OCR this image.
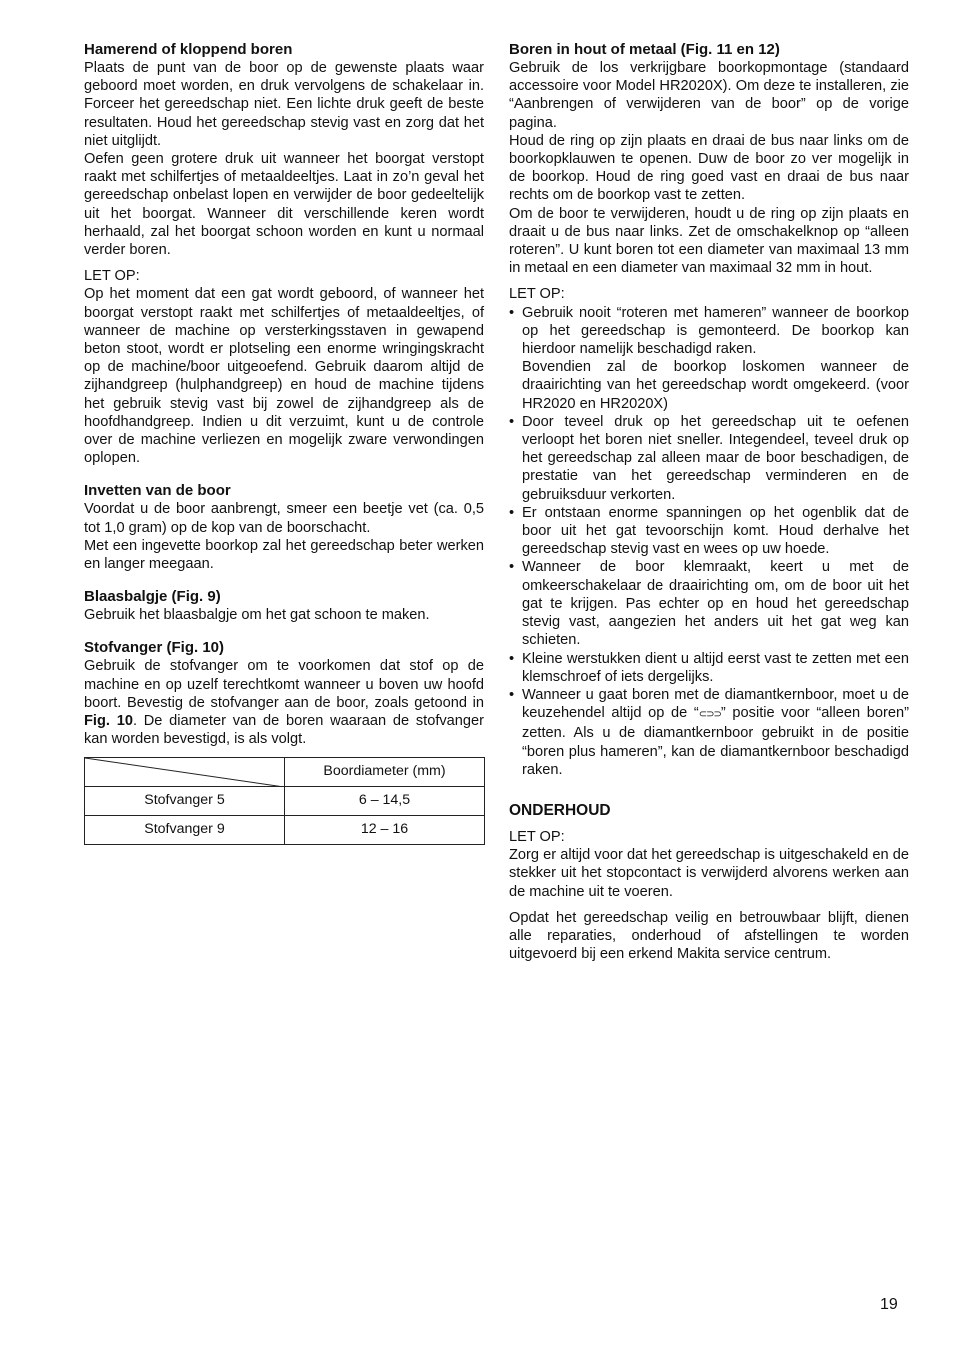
Hamerend of kloppend boren

Plaats de punt van de boor op de gewenste plaats waar geboord moet worden, en druk vervolgens de schakelaar in. Forceer het gereedschap niet. Een lichte druk geeft de beste resultaten. Houd het gereedschap stevig vast en zorg dat het niet uitglijdt.

Oefen geen grotere druk uit wanneer het boorgat verstopt raakt met schilfertjes of metaaldeeltjes. Laat in zo’n geval het gereedschap onbelast lopen en verwijder de boor gedeeltelijk uit het boorgat. Wanneer dit verschillende keren wordt herhaald, zal het boorgat schoon worden en kunt u normaal verder boren.

LET OP:

Op het moment dat een gat wordt geboord, of wanneer het boorgat verstopt raakt met schilfertjes of metaaldeeltjes, of wanneer de machine op versterkingsstaven in gewapend beton stoot, wordt er plotseling een enorme wringingskracht op de machine/boor uitgeoefend. Gebruik daarom altijd de zijhandgreep (hulphandgreep) en houd de machine tijdens het gebruik stevig vast bij zowel de zijhandgreep als de hoofdhandgreep. Indien u dit verzuimt, kunt u de controle over de machine verliezen en mogelijk zware verwondingen oplopen.

Invetten van de boor

Voordat u de boor aanbrengt, smeer een beetje vet (ca. 0,5 tot 1,0 gram) op de kop van de boorschacht.

Met een ingevette boorkop zal het gereedschap beter werken en langer meegaan.

Blaasbalgje (Fig. 9)

Gebruik het blaasbalgje om het gat schoon te maken.

Stofvanger (Fig. 10)

Gebruik de stofvanger om te voorkomen dat stof op de machine en op uzelf terechtkomt wanneer u boven uw hoofd boort. Bevestig de stofvanger aan de boor, zoals getoond in Fig. 10. De diameter van de boren waaraan de stofvanger kan worden bevestigd, is als volgt.

	Boordiameter (mm)
Stofvanger 5	6 – 14,5
Stofvanger 9	12 – 16
Boren in hout of metaal (Fig. 11 en 12)

Gebruik de los verkrijgbare boorkopmontage (standaard accessoire voor Model HR2020X). Om deze te installeren, zie “Aanbrengen of verwijderen van de boor” op de vorige pagina.

Houd de ring op zijn plaats en draai de bus naar links om de boorkopklauwen te openen. Duw de boor zo ver mogelijk in de boorkop. Houd de ring goed vast en draai de bus naar rechts om de boorkop vast te zetten.

Om de boor te verwijderen, houdt u de ring op zijn plaats en draait u de bus naar links. Zet de omschakelknop op “alleen roteren”. U kunt boren tot een diameter van maximaal 13 mm in metaal en een diameter van maximaal 32 mm in hout.

LET OP:

• Gebruik nooit “roteren met hameren” wanneer de boorkop op het gereedschap is gemonteerd. De boorkop kan hierdoor namelijk beschadigd raken.
Bovendien zal de boorkop loskomen wanneer de draairichting van het gereedschap wordt omgekeerd. (voor HR2020 en HR2020X)
• Door teveel druk op het gereedschap uit te oefenen verloopt het boren niet sneller. Integendeel, teveel druk op het gereedschap zal alleen maar de boor beschadigen, de prestatie van het gereedschap verminderen en de gebruiksduur verkorten.
• Er ontstaan enorme spanningen op het ogenblik dat de boor uit het gat tevoorschijn komt. Houd derhalve het gereedschap stevig vast en wees op uw hoede.
• Wanneer de boor klemraakt, keert u met de omkeerschakelaar de draairichting om, om de boor uit het gat te krijgen. Pas echter op en houd het gereedschap stevig vast, aangezien het anders uit het gat weg kan schieten.
• Kleine werstukken dient u altijd eerst vast te zetten met een klemschroef of iets dergelijks.
• Wanneer u gaat boren met de diamantkernboor, moet u de keuzehendel altijd op de “⊂⊃⊃” positie voor “alleen boren” zetten. Als u de diamantkernboor gebruikt in de positie “boren plus hameren”, kan de diamantkernboor beschadigd raken.
ONDERHOUD

LET OP:

Zorg er altijd voor dat het gereedschap is uitgeschakeld en de stekker uit het stopcontact is verwijderd alvorens werken aan de machine uit te voeren.

Opdat het gereedschap veilig en betrouwbaar blijft, dienen alle reparaties, onderhoud of afstellingen te worden uitgevoerd bij een erkend Makita service centrum.

19
